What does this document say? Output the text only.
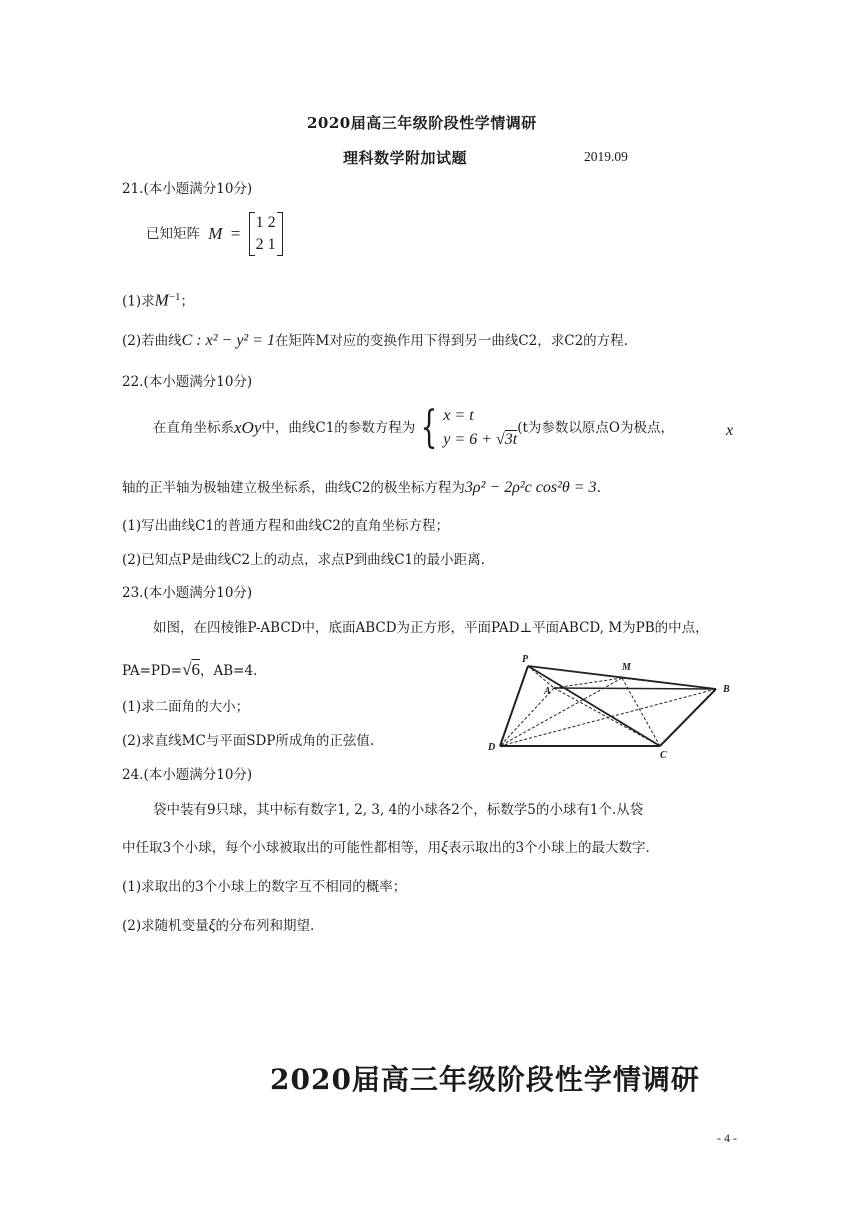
2020届高三年级阶段性学情调研
理科数学附加试题	2019.09
21.(本小题满分10分)
已知矩阵 M =
1 2
2 1
(1)求$M^{-1}$；
(2)若曲线C : x² − y² = 1在矩阵M对应的变换作用下得到另一曲线C2，求C2的方程.
22.(本小题满分10分)
在直角坐标系xOy中，曲线C1的参数方程为 { x = t
y = 6 + √3t
(t为参数以原点O为极点，	x
轴的正半轴为极轴建立极坐标系，曲线C2的极坐标方程为3ρ² − 2ρ²c cos²θ = 3.
(1)写出曲线C1的普通方程和曲线C2的直角坐标方程；
(2)已知点P是曲线C2上的动点，求点P到曲线C1的最小距离.
23.(本小题满分10分)
如图，在四棱锥P-ABCD中，底面ABCD为正方形，平面PAD⊥平面ABCD, M为PB的中点，
PA=PD=√6，AB=4.
(1)求二面角的大小；
(2)求直线MC与平面SDP所成角的正弦值.
P
M
A	B
D
C
24.(本小题满分10分)
袋中装有9只球，其中标有数字1, 2, 3, 4的小球各2个，标数学5的小球有1个.从袋
中任取3个小球，每个小球被取出的可能性都相等，用ξ表示取出的3个小球上的最大数字.
(1)求取出的3个小球上的数字互不相同的概率；
(2)求随机变量ξ的分布列和期望.
2020届高三年级阶段性学情调研
- 4 -
